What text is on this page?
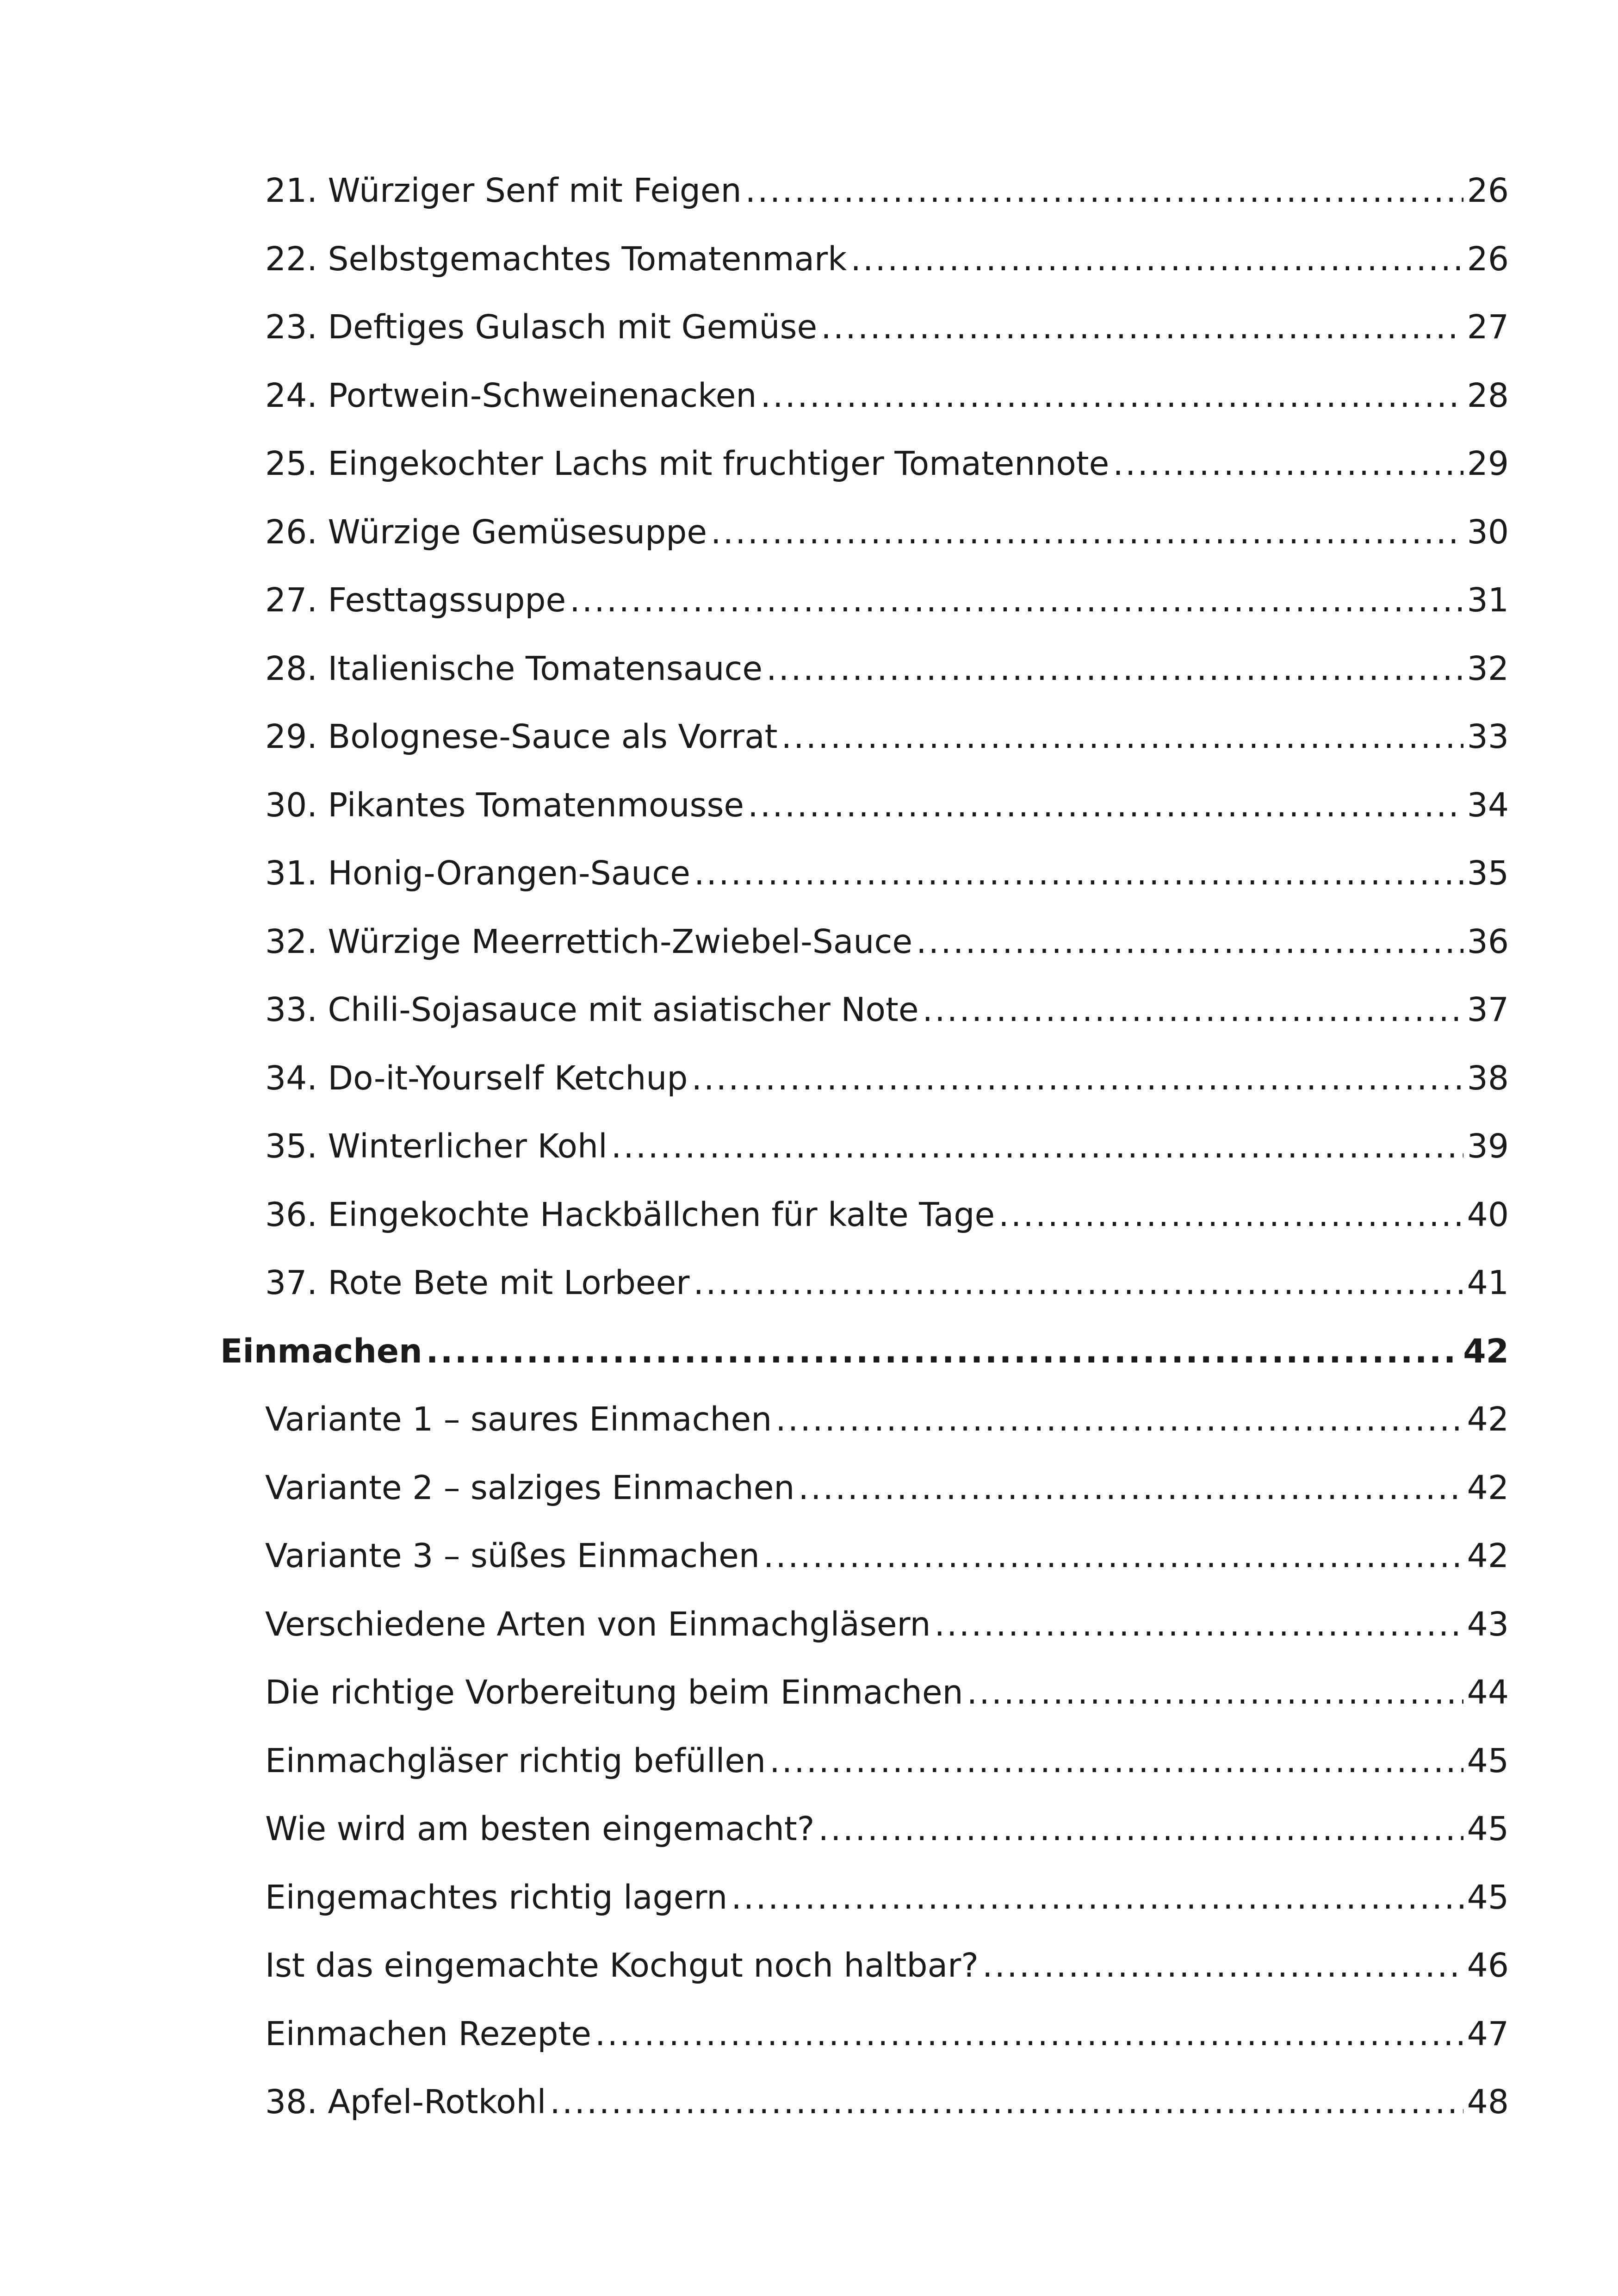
21. Würziger Senf mit Feigen .....	26
22. Selbstgemachtes Tomatenmark .....	26
23. Deftiges Gulasch mit Gemüse .....	27
24. Portwein-Schweinenacken .....	28
25. Eingekochter Lachs mit fruchtiger Tomatennote .....	29
26. Würzige Gemüsesuppe .....	30
27. Festtagssuppe .....	31
28. Italienische Tomatensauce .....	32
29. Bolognese-Sauce als Vorrat .....	33
30. Pikantes Tomatenmousse .....	34
31. Honig-Orangen-Sauce .....	35
32. Würzige Meerrettich-Zwiebel-Sauce .....	36
33. Chili-Sojasauce mit asiatischer Note .....	37
34. Do-it-Yourself Ketchup .....	38
35. Winterlicher Kohl .....	39
36. Eingekochte Hackbällchen für kalte Tage .....	40
37. Rote Bete mit Lorbeer .....	41
Einmachen .....	42
Variante 1 – saures Einmachen .....	42
Variante 2 – salziges Einmachen .....	42
Variante 3 – süßes Einmachen .....	42
Verschiedene Arten von Einmachgläsern .....	43
Die richtige Vorbereitung beim Einmachen .....	44
Einmachgläser richtig befüllen .....	45
Wie wird am besten eingemacht? .....	45
Eingemachtes richtig lagern .....	45
Ist das eingemachte Kochgut noch haltbar? .....	46
Einmachen Rezepte .....	47
38. Apfel-Rotkohl .....	48
